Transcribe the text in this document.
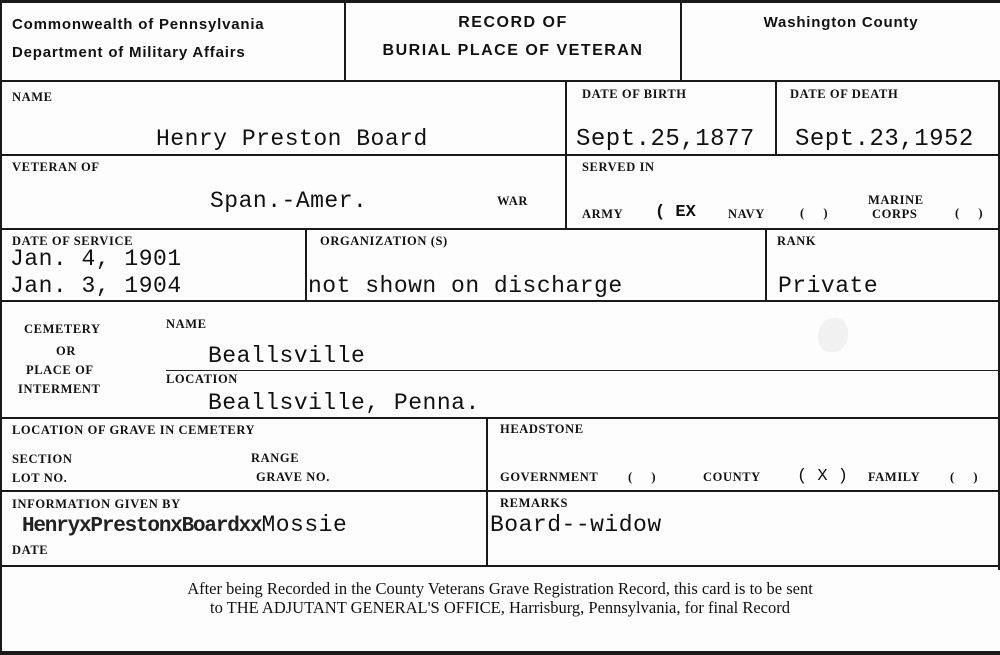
Commonwealth of Pennsylvania
Department of Military Affairs
RECORD OF
BURIAL PLACE OF VETERAN
Washington County
NAME
Henry Preston Board
DATE OF BIRTH
Sept.25,1877
DATE OF DEATH
Sept.23,1952
VETERAN OF
Span.-Amer.	WAR
SERVED IN
ARMY ( EX	NAVY	(     )
MARINE
CORPS	(     )
DATE OF SERVICE
Jan. 4, 1901
Jan. 3, 1904
ORGANIZATION (S)
not shown on discharge
RANK
Private
CEMETERY
OR
PLACE OF
INTERMENT
NAME
Beallsville
LOCATION
Beallsville, Penna.
LOCATION OF GRAVE IN CEMETERY
SECTION
LOT NO.
RANGE
GRAVE NO.
HEADSTONE
GOVERNMENT (     )	COUNTY ( X ) FAMILY (     )
INFORMATION GIVEN BY
HenryxPrestonxBoardxxMossie
DATE
REMARKS
Board--widow
After being Recorded in the County Veterans Grave Registration Record, this card is to be sent
to THE ADJUTANT GENERAL'S OFFICE, Harrisburg, Pennsylvania, for final Record
